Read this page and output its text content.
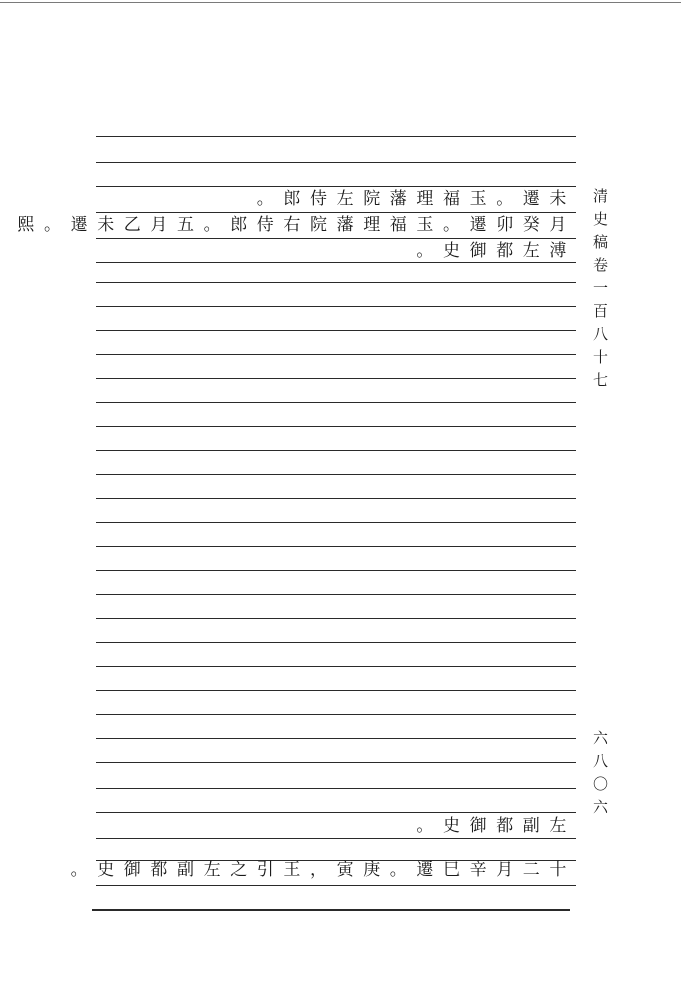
清史稿卷一百八十七
六八〇六
。郎侍左院藩理福玉。遷未
熙。遷未乙月五。郎侍右院藩理福玉。遷卯癸月
。史御都左溥
。史御都副左
。史御都副左之引王，寅庚。遷巳辛月二十
